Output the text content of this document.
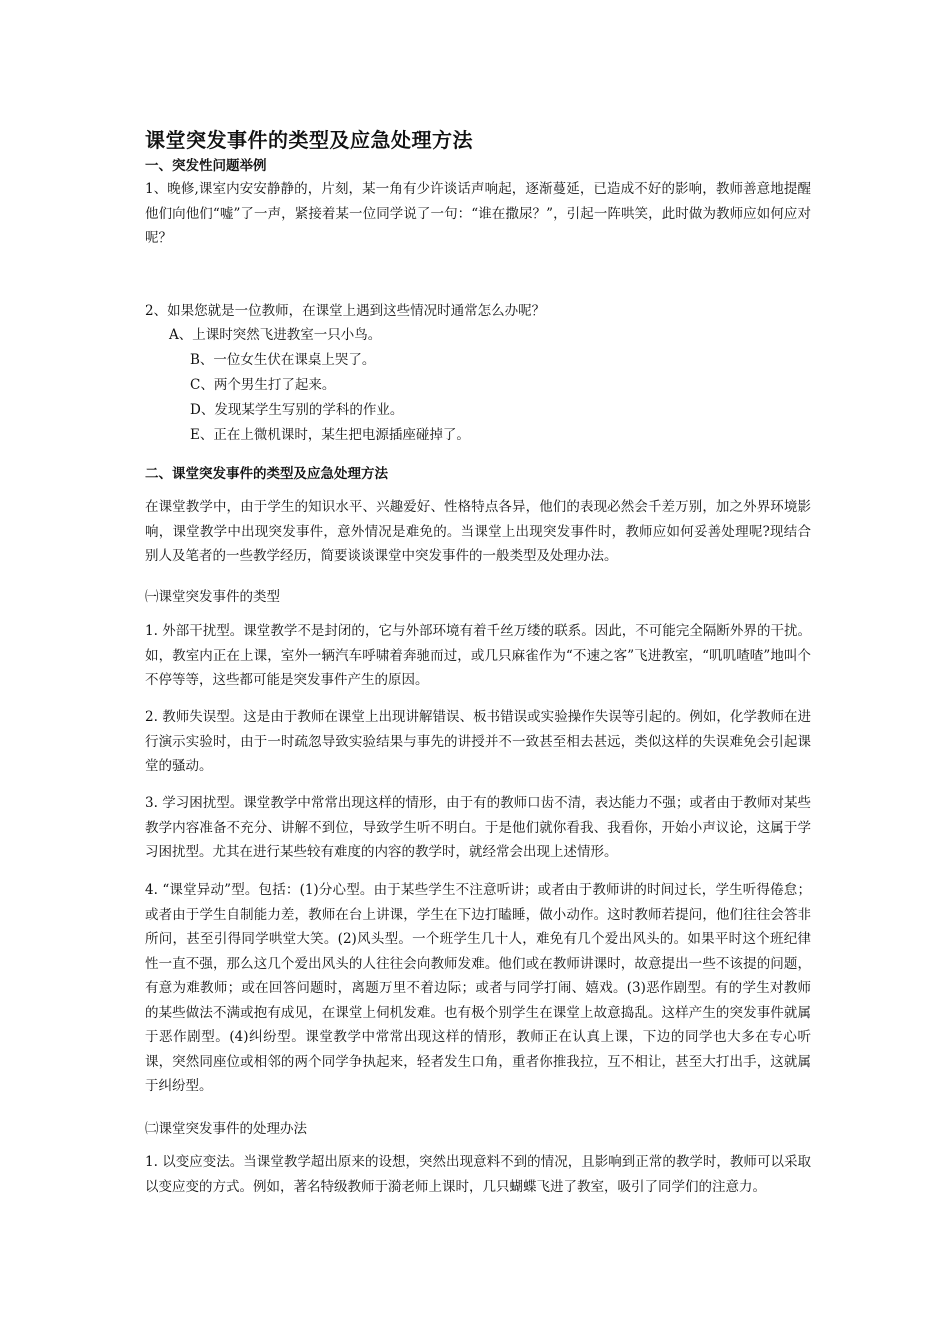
课堂突发事件的类型及应急处理方法
一、突发性问题举例
1、晚修,课室内安安静静的，片刻，某一角有少许谈话声响起，逐渐蔓延，已造成不好的影响，教师善意地提醒他们向他们“嘘”了一声，紧接着某一位同学说了一句：“谁在撒尿？”，引起一阵哄笑，此时做为教师应如何应对呢？
2、如果您就是一位教师，在课堂上遇到这些情况时通常怎么办呢？
A、上课时突然飞进教室一只小鸟。
B、一位女生伏在课桌上哭了。
C、两个男生打了起来。
D、发现某学生写别的学科的作业。
E、正在上微机课时，某生把电源插座碰掉了。
二、课堂突发事件的类型及应急处理方法
在课堂教学中，由于学生的知识水平、兴趣爱好、性格特点各异，他们的表现必然会千差万别，加之外界环境影响，课堂教学中出现突发事件，意外情况是难免的。当课堂上出现突发事件时，教师应如何妥善处理呢?现结合别人及笔者的一些教学经历，简要谈谈课堂中突发事件的一般类型及处理办法。
㈠课堂突发事件的类型
1. 外部干扰型。课堂教学不是封闭的，它与外部环境有着千丝万缕的联系。因此，不可能完全隔断外界的干扰。如，教室内正在上课，室外一辆汽车呼啸着奔驰而过，或几只麻雀作为“不速之客”飞进教室，“叽叽喳喳”地叫个不停等等，这些都可能是突发事件产生的原因。
2. 教师失误型。这是由于教师在课堂上出现讲解错误、板书错误或实验操作失误等引起的。例如，化学教师在进行演示实验时，由于一时疏忽导致实验结果与事先的讲授并不一致甚至相去甚远，类似这样的失误难免会引起课堂的骚动。
3. 学习困扰型。课堂教学中常常出现这样的情形，由于有的教师口齿不清，表达能力不强；或者由于教师对某些教学内容准备不充分、讲解不到位，导致学生听不明白。于是他们就你看我、我看你，开始小声议论，这属于学习困扰型。尤其在进行某些较有难度的内容的教学时，就经常会出现上述情形。
4. “课堂异动”型。包括：(1)分心型。由于某些学生不注意听讲；或者由于教师讲的时间过长，学生听得倦怠；或者由于学生自制能力差，教师在台上讲课，学生在下边打瞌睡，做小动作。这时教师若提问，他们往往会答非所问，甚至引得同学哄堂大笑。(2)风头型。一个班学生几十人，难免有几个爱出风头的。如果平时这个班纪律性一直不强，那么这几个爱出风头的人往往会向教师发难。他们或在教师讲课时，故意提出一些不该提的问题，有意为难教师；或在回答问题时，离题万里不着边际；或者与同学打闹、嬉戏。(3)恶作剧型。有的学生对教师的某些做法不满或抱有成见，在课堂上伺机发难。也有极个别学生在课堂上故意捣乱。这样产生的突发事件就属于恶作剧型。(4)纠纷型。课堂教学中常常出现这样的情形，教师正在认真上课，下边的同学也大多在专心听课，突然同座位或相邻的两个同学争执起来，轻者发生口角，重者你推我拉，互不相让，甚至大打出手，这就属于纠纷型。
㈡课堂突发事件的处理办法
1. 以变应变法。当课堂教学超出原来的设想，突然出现意料不到的情况，且影响到正常的教学时，教师可以采取以变应变的方式。例如，著名特级教师于漪老师上课时，几只蝴蝶飞进了教室，吸引了同学们的注意力。
